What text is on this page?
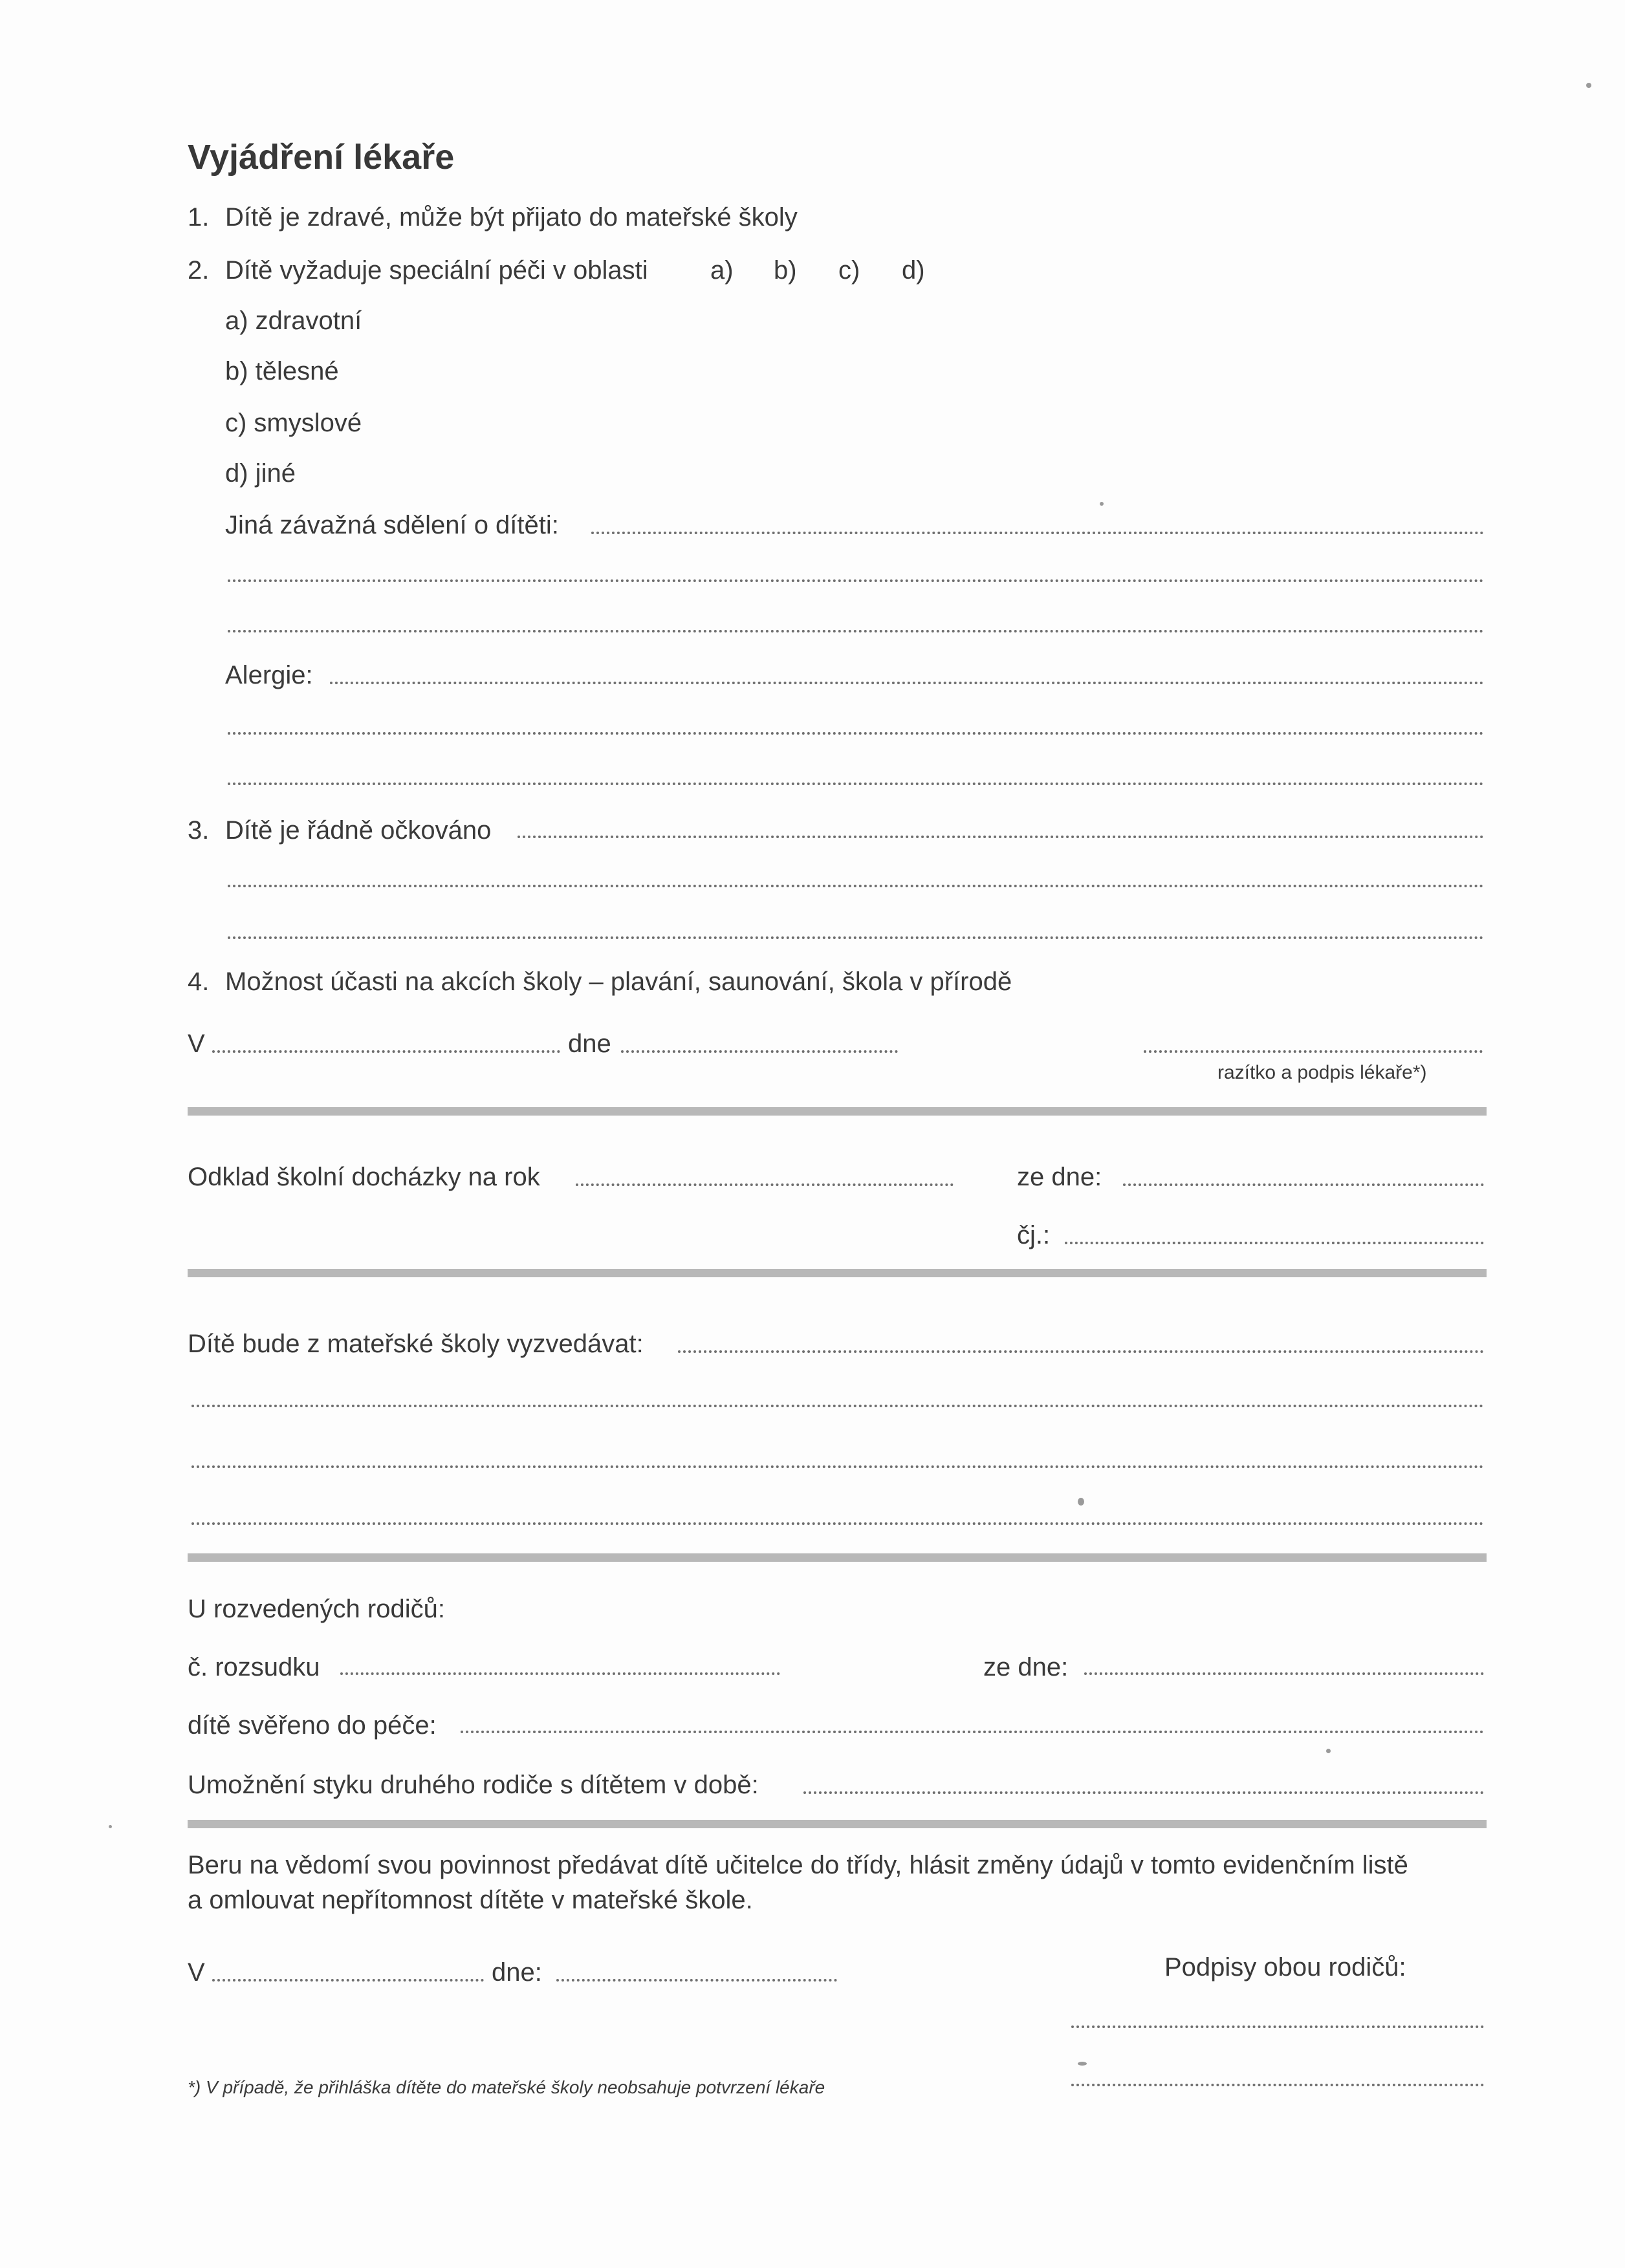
Vyjádření lékaře
1. Dítě je zdravé, může být přijato do mateřské školy
2. Dítě vyžaduje speciální péči v oblasti a) b) c) d)
a) zdravotní
b) tělesné
c) smyslové
d) jiné
Jiná závažná sdělení o dítěti:
Alergie:
3. Dítě je řádně očkováno
4. Možnost účasti na akcích školy – plavání, saunování, škola v přírodě
V	dne
razítko a podpis lékaře*)
Odklad školní docházky na rok	ze dne:
čj.:
Dítě bude z mateřské školy vyzvedávat:
U rozvedených rodičů:
č. rozsudku	ze dne:
dítě svěřeno do péče:
Umožnění styku druhého rodiče s dítětem v době:
Beru na vědomí svou povinnost předávat dítě učitelce do třídy, hlásit změny údajů v tomto evidenčním listě
a omlouvat nepřítomnost dítěte v mateřské škole.
V	dne:	Podpisy obou rodičů:
*) V případě, že přihláška dítěte do mateřské školy neobsahuje potvrzení lékaře
